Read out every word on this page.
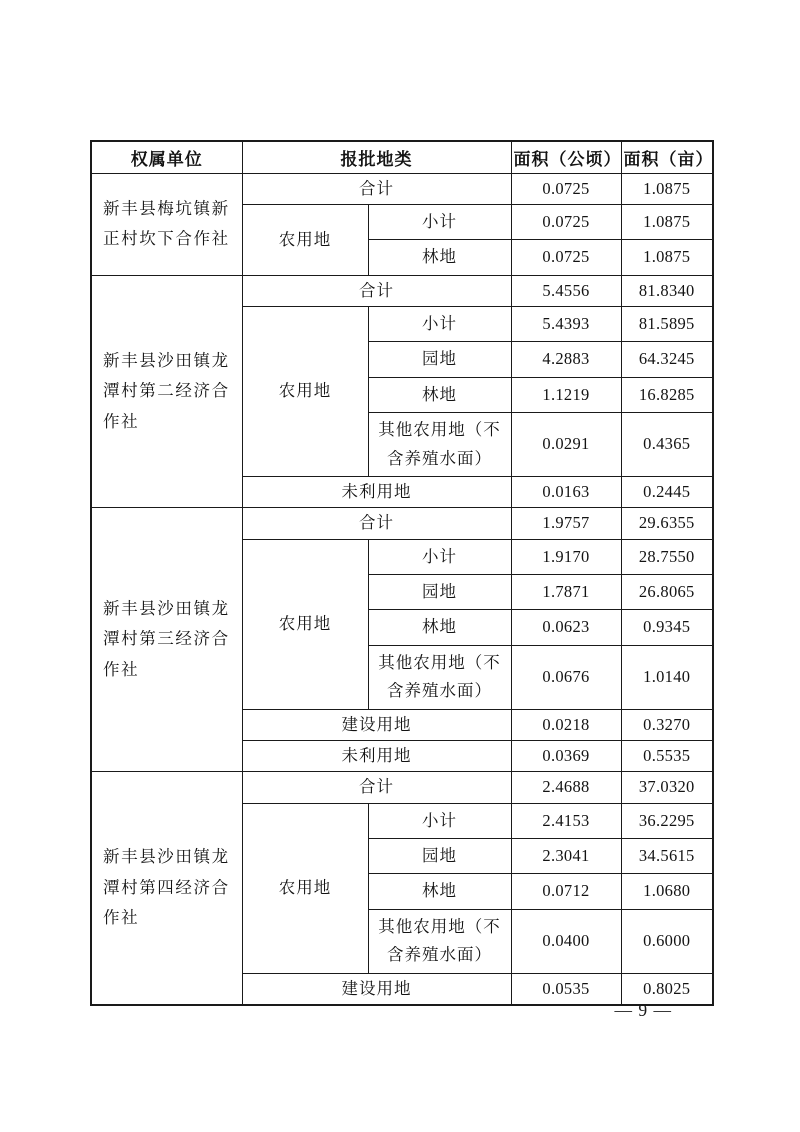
权属单位	报批地类		面积（公顷）	面积（亩）
新丰县梅坑镇新正村坎下合作社	合计		0.0725	1.0875
	农用地	小计	0.0725	1.0875
		林地	0.0725	1.0875
新丰县沙田镇龙潭村第二经济合作社	合计		5.4556	81.8340
	农用地	小计	5.4393	81.5895
		园地	4.2883	64.3245
		林地	1.1219	16.8285
		其他农用地（不含养殖水面）	0.0291	0.4365
	未利用地		0.0163	0.2445
新丰县沙田镇龙潭村第三经济合作社	合计		1.9757	29.6355
	农用地	小计	1.9170	28.7550
		园地	1.7871	26.8065
		林地	0.0623	0.9345
		其他农用地（不含养殖水面）	0.0676	1.0140
	建设用地		0.0218	0.3270
	未利用地		0.0369	0.5535
新丰县沙田镇龙潭村第四经济合作社	合计		2.4688	37.0320
	农用地	小计	2.4153	36.2295
		园地	2.3041	34.5615
		林地	0.0712	1.0680
		其他农用地（不含养殖水面）	0.0400	0.6000
	建设用地		0.0535	0.8025
— 9 —
